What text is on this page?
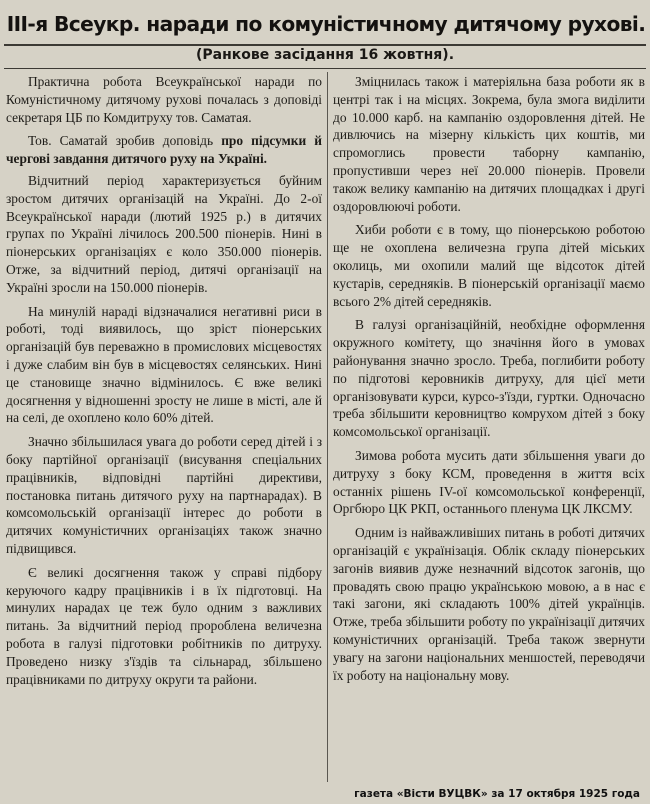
III-я Всеукр. наради по комуністичному дитячому рухові.
(Ранкове засідання 16 жовтня).

Практична робота Всеукраїнської наради по Комуністичному дитячому рухові почалась з доповіді секретаря ЦБ по Комдитруху тов. Саматая.

Тов. Саматай зробив доповідь про підсумки й чергові завдання дитячого руху на Україні.

Відчитний період характеризується буйним зростом дитячих організацій на Україні. До 2-ої Всеукраїнської наради (лютий 1925 р.) в дитячих групах по Україні лічилось 200.500 піонерів. Нині в піонерських організаціях є коло 350.000 піонерів. Отже, за відчитний період, дитячі організації на Україні зросли на 150.000 піонерів.

На минулій нараді відзначалися негативні риси в роботі, тоді виявилось, що зріст піонерських організацій був переважно в промислових місцевостях і дуже слабим він був в місцевостях селянських. Нині це становище значно відмінилось. Є вже великі досягнення у відношенні зросту не лише в місті, але й на селі, де охоплено коло 60% дітей.

Значно збільшилася увага до роботи серед дітей і з боку партійної організації (висування спеціальних працівників, відповідні партійні директиви, постановка питань дитячого руху на партнарадах). В комсомольській організації інтерес до роботи в дитячих комуністичних організаціях також значно підвищився.

Є великі досягнення також у справі підбору керуючого кадру працівників і в їх підготовці. На минулих нарадах це теж було одним з важливих питань. За відчитний період пророблена величезна робота в галузі підготовки робітників по дитруху. Проведено низку з'їздів та сільнарад, збільшено працівниками по дитруху округи та райони.

Зміцнилась також і матеріяльна база роботи як в центрі так і на місцях. Зокрема, була змога виділити до 10.000 карб. на кампанію оздоровлення дітей. Не дивлючись на мізерну кількість цих коштів, ми спромоглись провести таборну кампанію, пропустивши через неї 20.000 піонерів. Провели також велику кампанію на дитячих площадках і другі оздоровлюючі роботи.

Хиби роботи є в тому, що піонерською роботою ще не охоплена величезна група дітей міських околиць, ми охопили малий ще відсоток дітей кустарів, середняків. В піонерській організації маємо всього 2% дітей середняків.

В галузі організаційній, необхідне оформлення окружного комітету, що значіння його в умовах районування значно зросло. Треба, поглибити роботу по підготові керовників дитруху, для цієї мети організовувати курси, курсо-з'їзди, гуртки. Одночасно треба збільшити керовництво комрухом дітей з боку комсомольської організації.

Зимова робота мусить дати збільшення уваги до дитруху з боку КСМ, проведення в життя всіх останніх рішень IV-ої комсомольської конференції, Оргбюро ЦК РКП, останнього пленума ЦК ЛКСМУ.

Одним із найважливіших питань в роботі дитячих організацій є українізація. Облік складу піонерських загонів виявив дуже незначний відсоток загонів, що провадять свою працю українською мовою, а в нас є такі загони, які складають 100% дітей українців. Отже, треба збільшити роботу по українізації дитячих комуністичних організацій. Треба також звернути увагу на загони національних меншостей, переводячи їх роботу на національну мову.

газета «Вісти ВУЦВК» за 17 октября 1925 года
